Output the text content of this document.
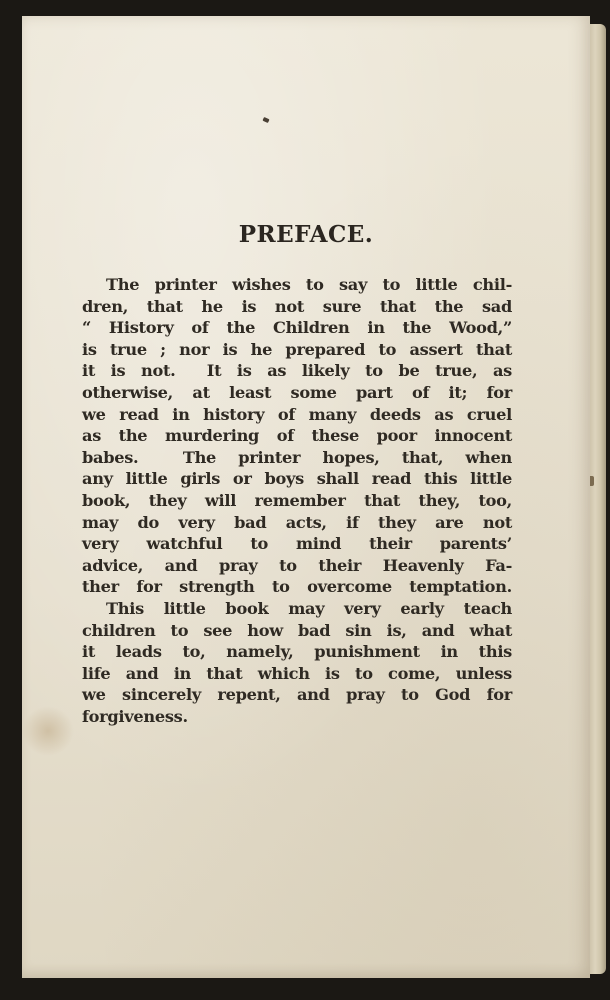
PREFACE.
The printer wishes to say to little chil-
dren, that he is not sure that the sad
“ History of the Children in the Wood,”
is true ; nor is he prepared to assert that
it is not.  It is as likely to be true, as
otherwise, at least some part of it; for
we read in history of many deeds as cruel
as the murdering of these poor innocent
babes.  The printer hopes, that, when
any little girls or boys shall read this little
book, they will remember that they, too,
may do very bad acts, if they are not
very watchful to mind their parents’
advice, and pray to their Heavenly Fa-
ther for strength to overcome temptation.
This little book may very early teach
children to see how bad sin is, and what
it leads to, namely, punishment in this
life and in that which is to come, unless
we sincerely repent, and pray to God for
forgiveness.
